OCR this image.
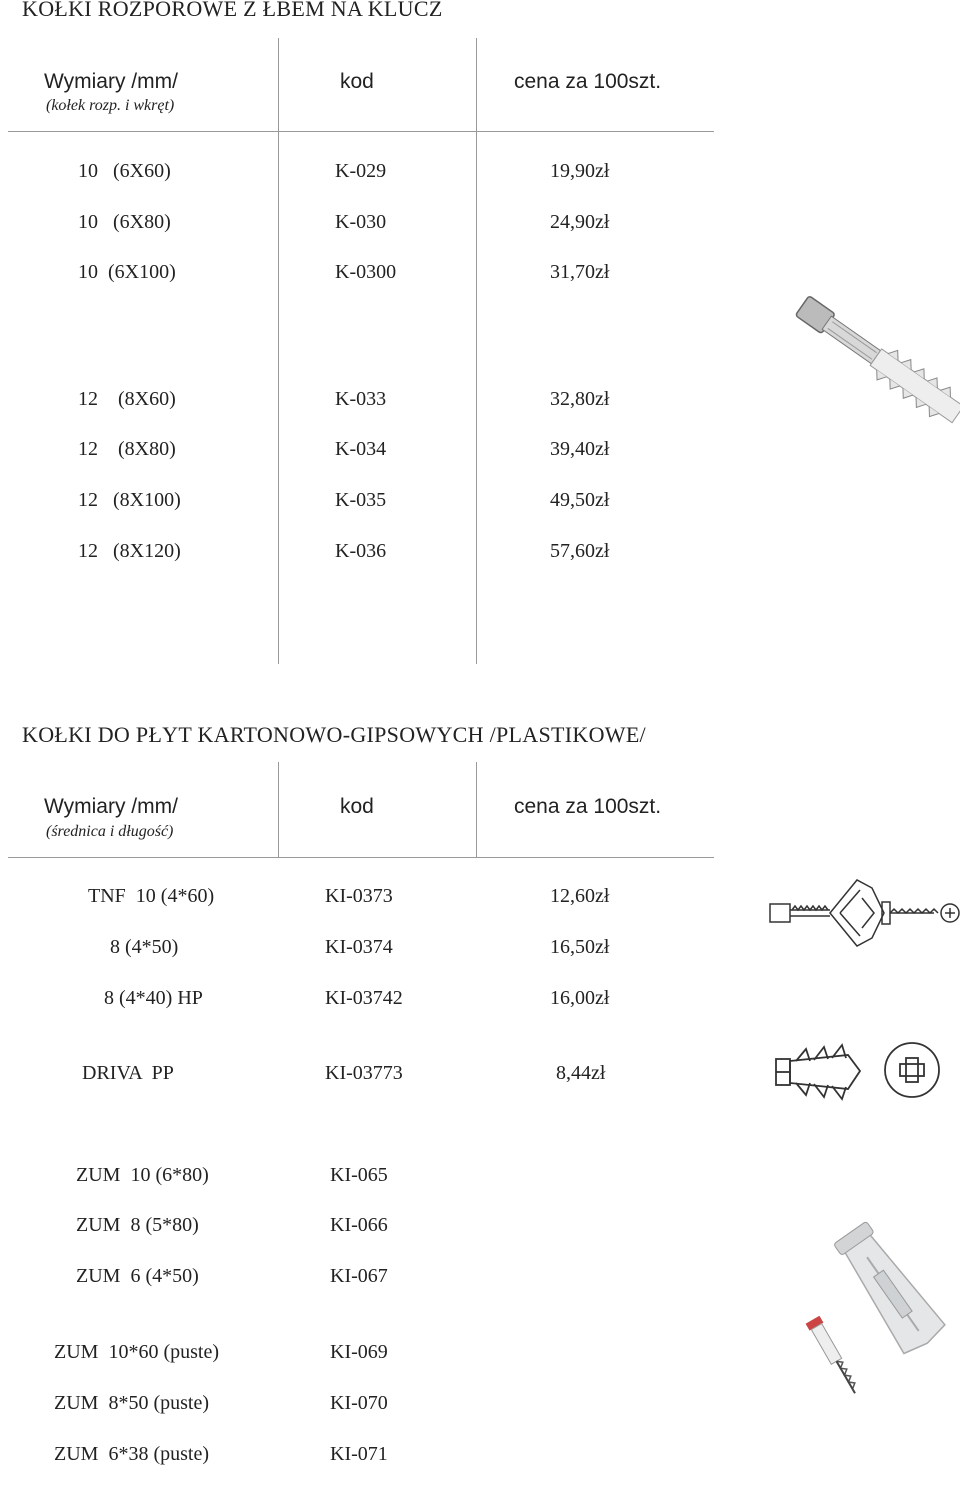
KOŁKI ROZPOROWE Z ŁBEM NA KLUCZ
Wymiary /mm/
(kołek rozp. i wkręt)
kod	cena za 100szt.
10   (6X60)	K-029	19,90zł
10   (6X80)	K-030	24,90zł
10  (6X100)	K-0300	31,70zł
12    (8X60)	K-033	32,80zł
12    (8X80)	K-034	39,40zł
12   (8X100)	K-035	49,50zł
12   (8X120)	K-036	57,60zł
KOŁKI DO PŁYT KARTONOWO-GIPSOWYCH /PLASTIKOWE/
Wymiary /mm/
(średnica i długość)
kod	cena za 100szt.
TNF  10 (4*60)	KI-0373	12,60zł
8 (4*50)	KI-0374	16,50zł
8 (4*40) HP	KI-03742	16,00zł
DRIVA  PP	KI-03773	8,44zł
ZUM  10 (6*80)	KI-065
ZUM  8 (5*80)	KI-066
ZUM  6 (4*50)	KI-067
ZUM  10*60 (puste)	KI-069
ZUM  8*50 (puste)	KI-070
ZUM  6*38 (puste)	KI-071
